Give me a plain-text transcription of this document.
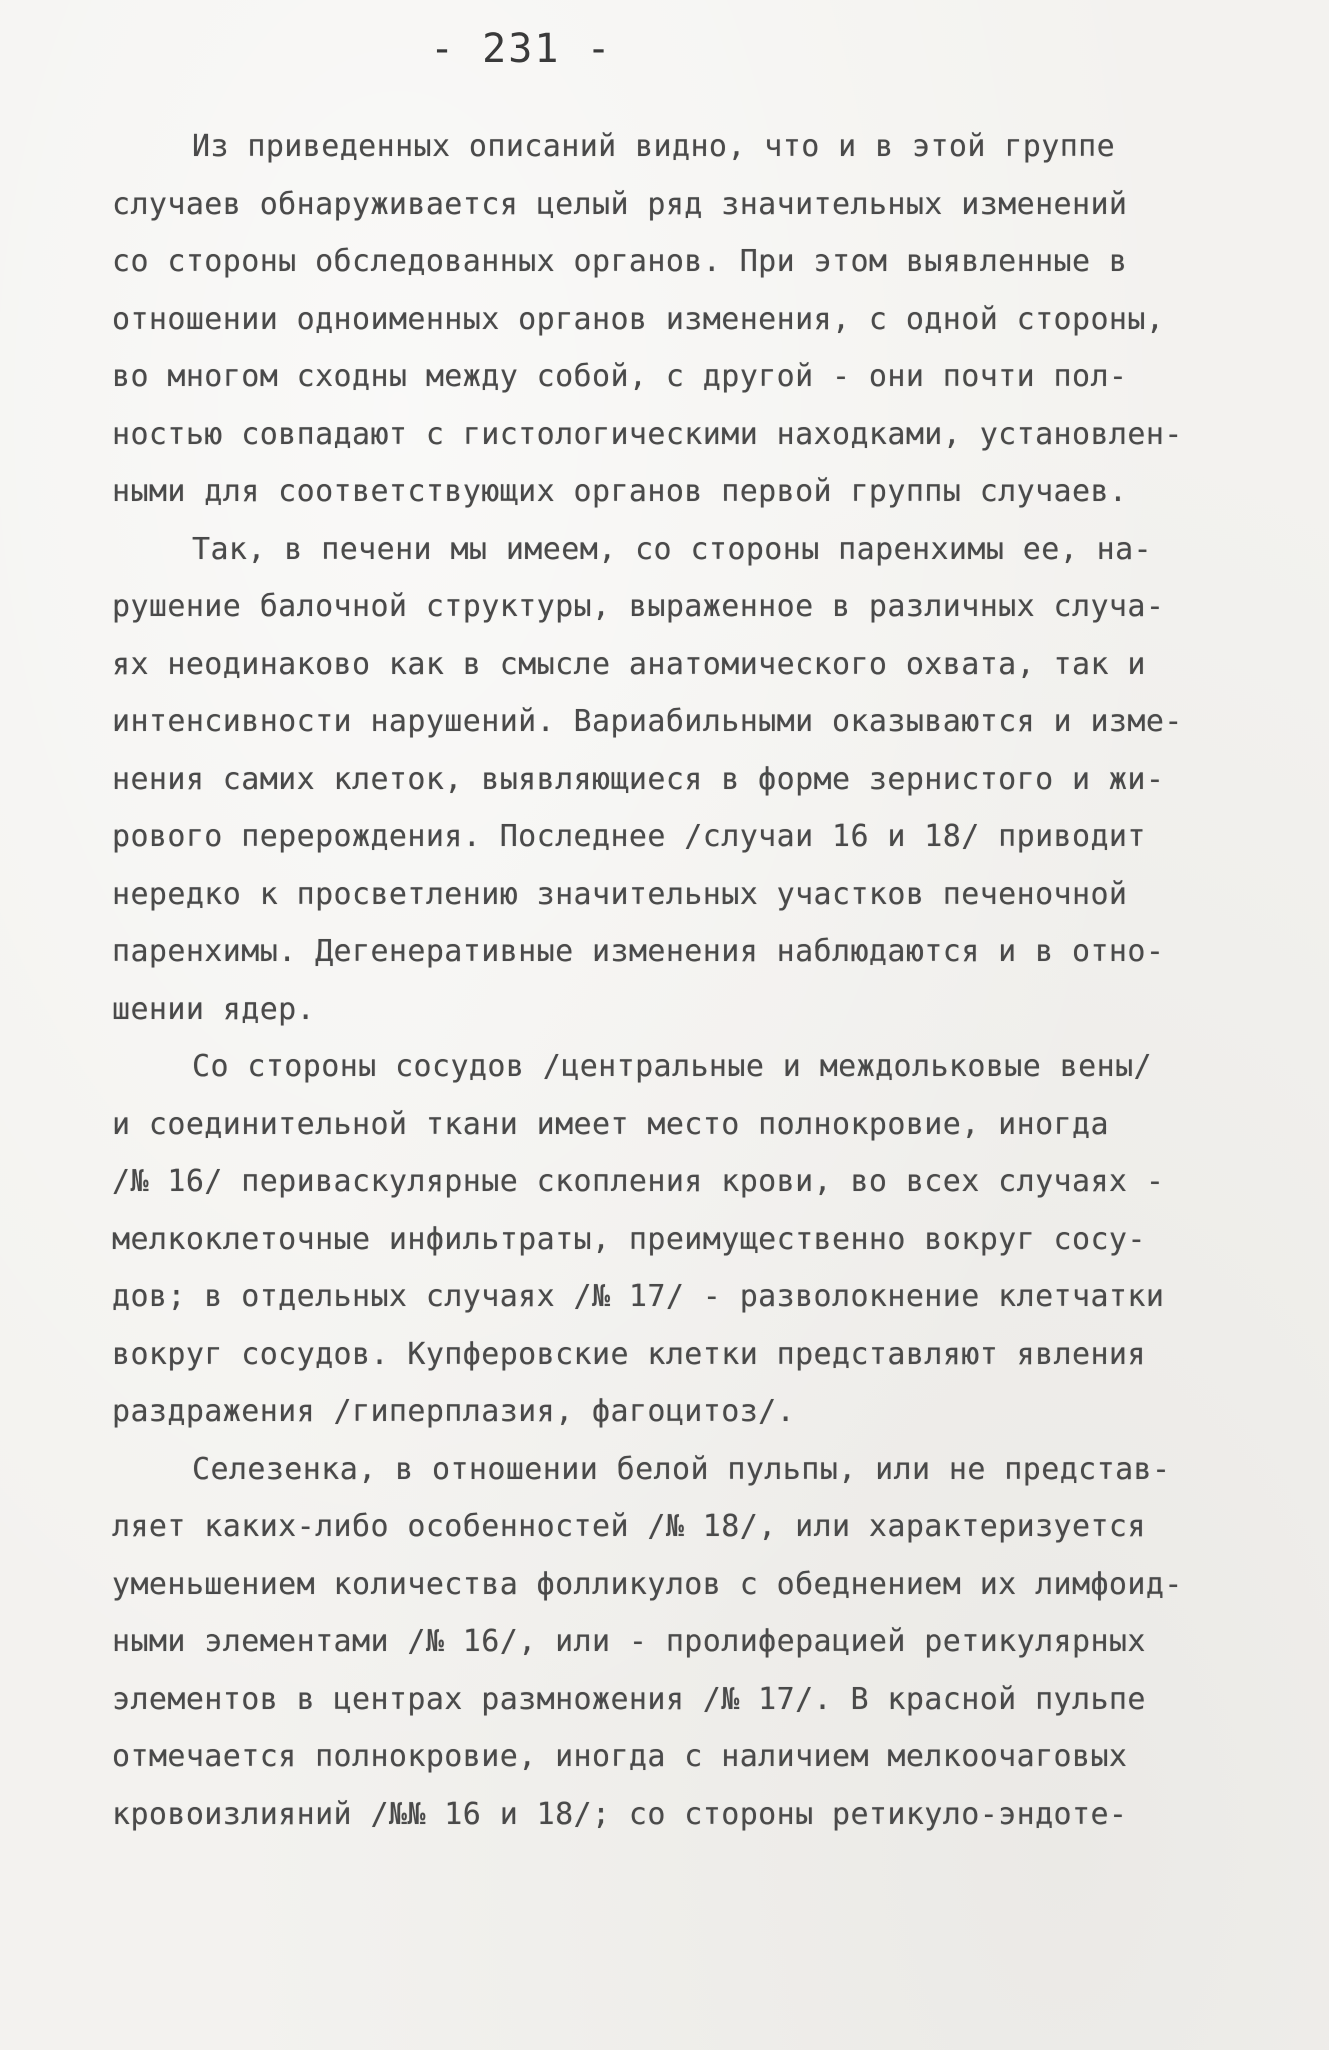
- 231 -
Из приведенных описаний видно, что и в этой группе
случаев обнаруживается целый ряд значительных изменений
со стороны обследованных органов. При этом выявленные в
отношении одноименных органов изменения, с одной стороны,
во многом сходны между собой, с другой - они почти пол-
ностью совпадают с гистологическими находками, установлен-
ными для соответствующих органов первой группы случаев.
Так, в печени мы имеем, со стороны паренхимы ее, на-
рушение балочной структуры, выраженное в различных случа-
ях неодинаково как в смысле анатомического охвата, так и
интенсивности нарушений. Вариабильными оказываются и изме-
нения самих клеток, выявляющиеся в форме зернистого и жи-
рового перерождения. Последнее /случаи 16 и 18/ приводит
нередко к просветлению значительных участков печеночной
паренхимы. Дегенеративные изменения наблюдаются и в отно-
шении ядер.
Со стороны сосудов /центральные и междольковые вены/
и соединительной ткани имеет место полнокровие, иногда
/№ 16/ периваскулярные скопления крови, во всех случаях -
мелкоклеточные инфильтраты, преимущественно вокруг сосу-
дов; в отдельных случаях /№ 17/ - разволокнение клетчатки
вокруг сосудов. Купферовские клетки представляют явления
раздражения /гиперплазия, фагоцитоз/.
Селезенка, в отношении белой пульпы, или не представ-
ляет каких-либо особенностей /№ 18/, или характеризуется
уменьшением количества фолликулов с обеднением их лимфоид-
ными элементами /№ 16/, или - пролиферацией ретикулярных
элементов в центрах размножения /№ 17/. В красной пульпе
отмечается полнокровие, иногда с наличием мелкоочаговых
кровоизлияний /№№ 16 и 18/; со стороны ретикуло-эндоте-
